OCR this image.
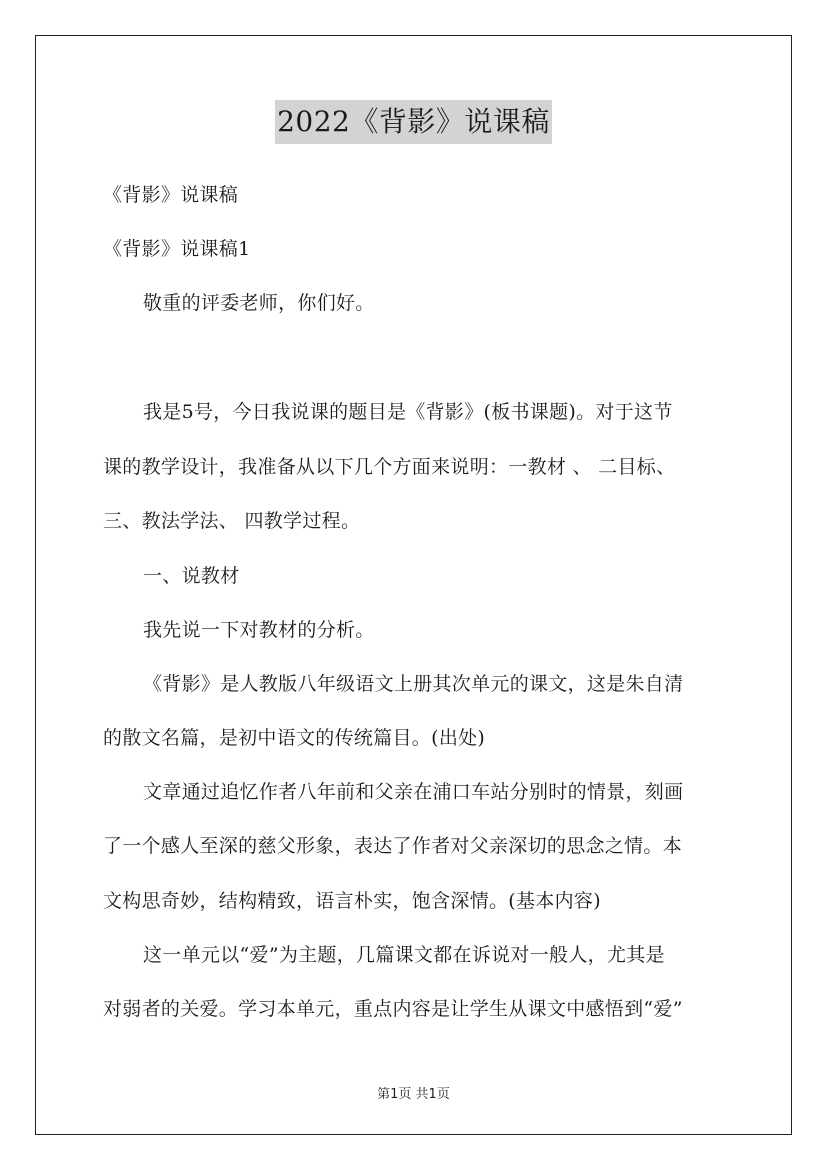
2022《背影》说课稿
《背影》说课稿
《背影》说课稿1
敬重的评委老师，你们好。
我是5号，今日我说课的题目是《背影》(板书课题)。对于这节
课的教学设计，我准备从以下几个方面来说明：一教材 、 二目标、
三、教法学法、 四教学过程。
一、说教材
我先说一下对教材的分析。
《背影》是人教版八年级语文上册其次单元的课文，这是朱自清
的散文名篇，是初中语文的传统篇目。(出处)
文章通过追忆作者八年前和父亲在浦口车站分别时的情景，刻画
了一个感人至深的慈父形象，表达了作者对父亲深切的思念之情。本
文构思奇妙，结构精致，语言朴实，饱含深情。(基本内容)
这一单元以“爱”为主题，几篇课文都在诉说对一般人，尤其是
对弱者的关爱。学习本单元，重点内容是让学生从课文中感悟到“爱”
第1页 共1页
